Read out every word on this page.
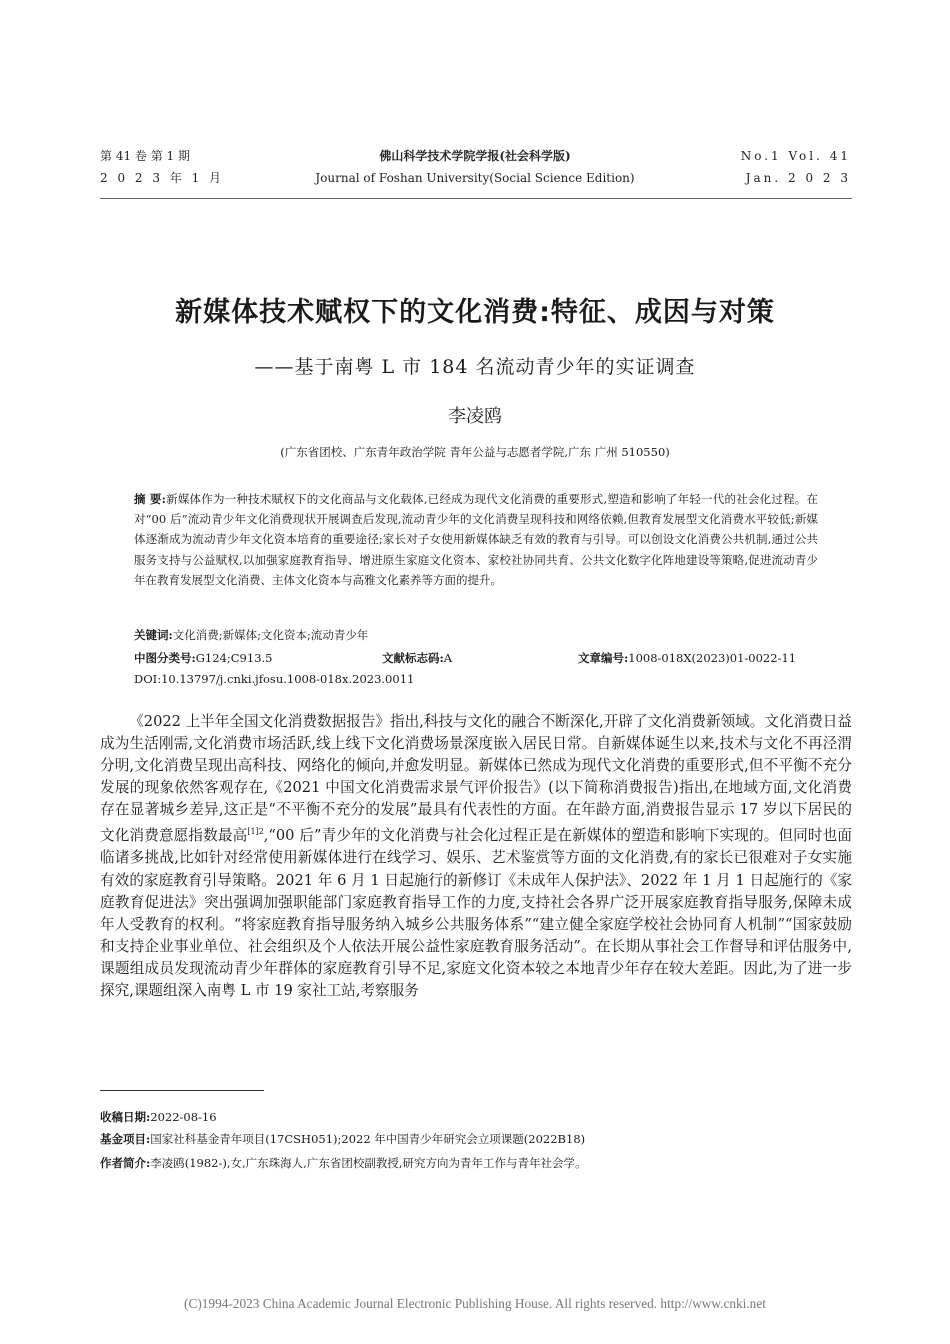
第 41 卷 第 1 期
2 0 2 3 年 1 月
佛山科学技术学院学报(社会科学版)
Journal of Foshan University(Social Science Edition)
No.1 Vol. 41
Jan. 2 0 2 3
新媒体技术赋权下的文化消费:特征、成因与对策
——基于南粤 L 市 184 名流动青少年的实证调查
李凌鸥
(广东省团校、广东青年政治学院 青年公益与志愿者学院,广东 广州 510550)
摘 要:新媒体作为一种技术赋权下的文化商品与文化载体,已经成为现代文化消费的重要形式,塑造和影响了年轻一代的社会化过程。在对“00 后”流动青少年文化消费现状开展调查后发现,流动青少年的文化消费呈现科技和网络依赖,但教育发展型文化消费水平较低;新媒体逐渐成为流动青少年文化资本培育的重要途径;家长对子女使用新媒体缺乏有效的教育与引导。可以创设文化消费公共机制,通过公共服务支持与公益赋权,以加强家庭教育指导、增进原生家庭文化资本、家校社协同共育、公共文化数字化阵地建设等策略,促进流动青少年在教育发展型文化消费、主体文化资本与高雅文化素养等方面的提升。
关键词:文化消费;新媒体;文化资本;流动青少年
中图分类号:G124;C913.5	文献标志码:A	文章编号:1008-018X(2023)01-0022-11
DOI:10.13797/j.cnki.jfosu.1008-018x.2023.0011
《2022 上半年全国文化消费数据报告》指出,科技与文化的融合不断深化,开辟了文化消费新领域。文化消费日益成为生活刚需,文化消费市场活跃,线上线下文化消费场景深度嵌入居民日常。自新媒体诞生以来,技术与文化不再泾渭分明,文化消费呈现出高科技、网络化的倾向,并愈发明显。新媒体已然成为现代文化消费的重要形式,但不平衡不充分发展的现象依然客观存在,《2021 中国文化消费需求景气评价报告》(以下简称消费报告)指出,在地域方面,文化消费存在显著城乡差异,这正是“不平衡不充分的发展”最具有代表性的方面。在年龄方面,消费报告显示 17 岁以下居民的文化消费意愿指数最高$^{[1]2}$,“00 后”青少年的文化消费与社会化过程正是在新媒体的塑造和影响下实现的。但同时也面临诸多挑战,比如针对经常使用新媒体进行在线学习、娱乐、艺术鉴赏等方面的文化消费,有的家长已很难对子女实施有效的家庭教育引导策略。2021 年 6 月 1 日起施行的新修订《未成年人保护法》、2022 年 1 月 1 日起施行的《家庭教育促进法》突出强调加强职能部门家庭教育指导工作的力度,支持社会各界广泛开展家庭教育指导服务,保障未成年人受教育的权利。“将家庭教育指导服务纳入城乡公共服务体系”“建立健全家庭学校社会协同育人机制”“国家鼓励和支持企业事业单位、社会组织及个人依法开展公益性家庭教育服务活动”。在长期从事社会工作督导和评估服务中,课题组成员发现流动青少年群体的家庭教育引导不足,家庭文化资本较之本地青少年存在较大差距。因此,为了进一步探究,课题组深入南粤 L 市 19 家社工站,考察服务
收稿日期:2022-08-16
基金项目:国家社科基金青年项目(17CSH051);2022 年中国青少年研究会立项课题(2022B18)
作者简介:李凌鸥(1982-),女,广东珠海人,广东省团校副教授,研究方向为青年工作与青年社会学。
(C)1994-2023 China Academic Journal Electronic Publishing House. All rights reserved. http://www.cnki.net
